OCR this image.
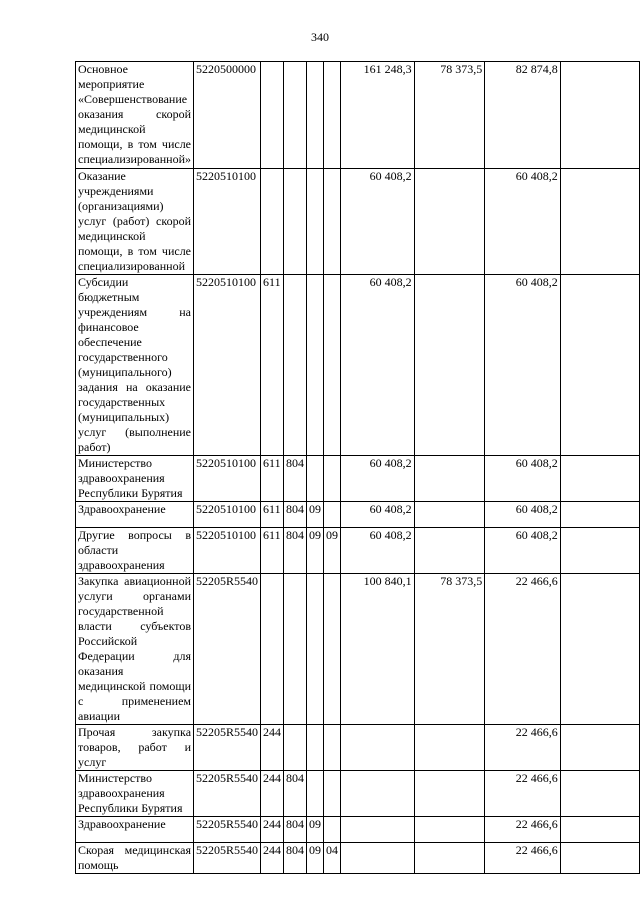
340
Основное мероприятие «Совершенствование оказания скорой медицинской помощи, в том числе специализированной»	5220500000					161 248,3	78 373,5	82 874,8	
Оказание учреждениями (организациями) услуг (работ) скорой медицинской помощи, в том числе специализированной	5220510100					60 408,2		60 408,2	
Субсидии бюджетным учреждениям на финансовое обеспечение государственного (муниципального) задания на оказание государственных (муниципальных) услуг (выполнение работ)	5220510100	611				60 408,2		60 408,2	
Министерство здравоохранения Республики Бурятия	5220510100	611	804			60 408,2		60 408,2	
Здравоохранение	5220510100	611	804	09		60 408,2		60 408,2	
Другие вопросы в области здравоохранения	5220510100	611	804	09	09	60 408,2		60 408,2	
Закупка авиационной услуги органами государственной власти субъектов Российской Федерации для оказания медицинской помощи с применением авиации	52205R5540					100 840,1	78 373,5	22 466,6	
Прочая закупка товаров, работ и услуг	52205R5540	244						22 466,6	
Министерство здравоохранения Республики Бурятия	52205R5540	244	804					22 466,6	
Здравоохранение	52205R5540	244	804	09				22 466,6	
Скорая медицинская помощь	52205R5540	244	804	09	04			22 466,6	
